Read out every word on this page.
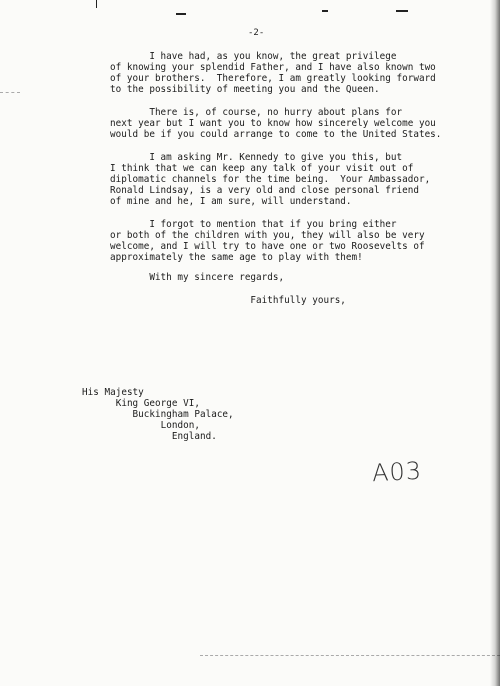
-2-
I have had, as you know, the great privilege
of knowing your splendid Father, and I have also known two
of your brothers.  Therefore, I am greatly looking forward
to the possibility of meeting you and the Queen.
There is, of course, no hurry about plans for
next year but I want you to know how sincerely welcome you
would be if you could arrange to come to the United States.
I am asking Mr. Kennedy to give you this, but
I think that we can keep any talk of your visit out of
diplomatic channels for the time being.  Your Ambassador,
Ronald Lindsay, is a very old and close personal friend
of mine and he, I am sure, will understand.
I forgot to mention that if you bring either
or both of the children with you, they will also be very
welcome, and I will try to have one or two Roosevelts of
approximately the same age to play with them!
With my sincere regards,
Faithfully yours,
His Majesty
King George VI,
Buckingham Palace,
London,
England.
A03
